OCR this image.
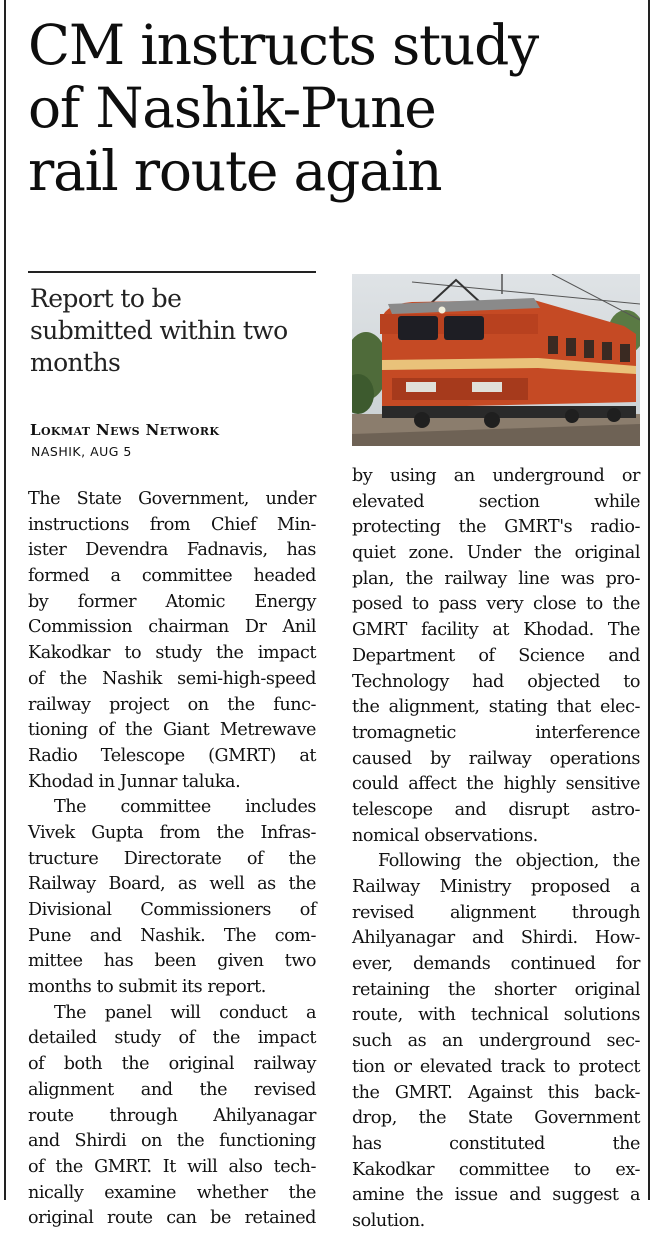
CM instructs study
of Nashik-Pune
rail route again
Report to be
submitted within two
months
Lokmat News Network
NASHIK, AUG 5
The State Government, under
instructions from Chief Min-
ister Devendra Fadnavis, has
formed a committee headed
by former Atomic Energy
Commission chairman Dr Anil
Kakodkar to study the impact
of the Nashik semi-high-speed
railway project on the func-
tioning of the Giant Metrewave
Radio Telescope (GMRT) at
Khodad in Junnar taluka.
The committee includes
Vivek Gupta from the Infras-
tructure Directorate of the
Railway Board, as well as the
Divisional Commissioners of
Pune and Nashik. The com-
mittee has been given two
months to submit its report.
The panel will conduct a
detailed study of the impact
of both the original railway
alignment and the revised
route through Ahilyanagar
and Shirdi on the functioning
of the GMRT. It will also tech-
nically examine whether the
original route can be retained
by using an underground or
elevated section while
protecting the GMRT's radio-
quiet zone. Under the original
plan, the railway line was pro-
posed to pass very close to the
GMRT facility at Khodad. The
Department of Science and
Technology had objected to
the alignment, stating that elec-
tromagnetic interference
caused by railway operations
could affect the highly sensitive
telescope and disrupt astro-
nomical observations.
Following the objection, the
Railway Ministry proposed a
revised alignment through
Ahilyanagar and Shirdi. How-
ever, demands continued for
retaining the shorter original
route, with technical solutions
such as an underground sec-
tion or elevated track to protect
the GMRT. Against this back-
drop, the State Government
has constituted the
Kakodkar committee to ex-
amine the issue and suggest a
solution.
